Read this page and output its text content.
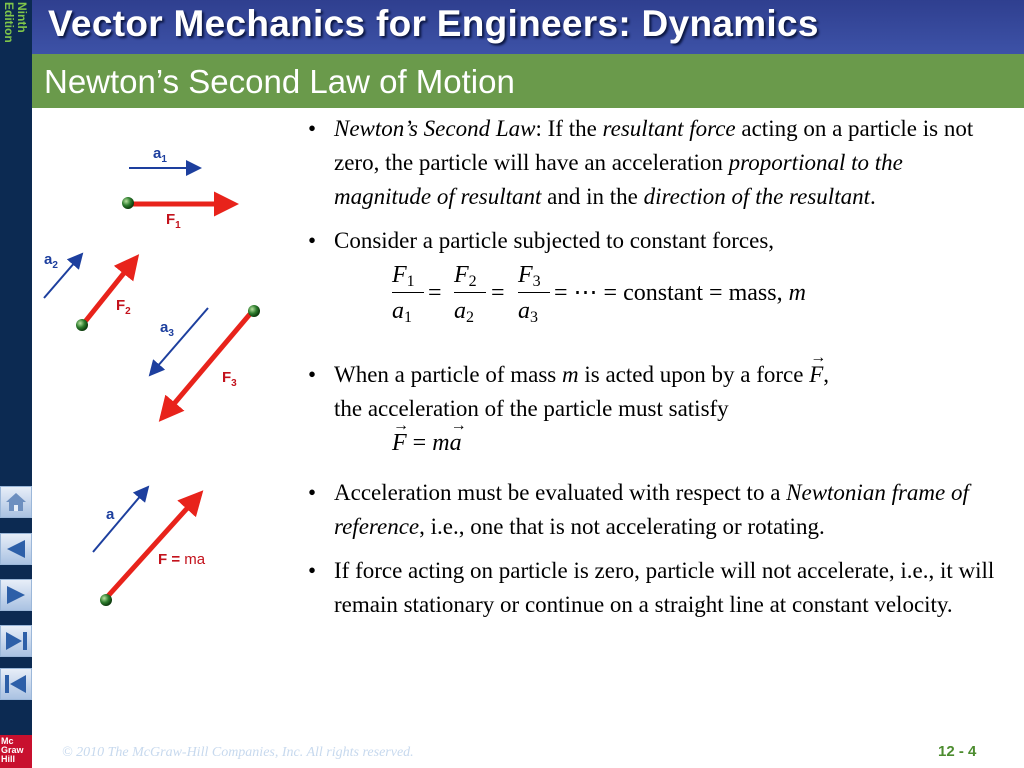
Ninth
Edition
Mc
Graw
Hill
Vector Mechanics for Engineers: Dynamics
Newton’s Second Law of Motion
$a_1$
$F_1$
$a_2$
$F_2$
$a_3$
$F_3$
a
F = ma
• Newton’s Second Law: If the resultant force acting on a particle is not zero, the particle will have an acceleration proportional to the magnitude of resultant and in the direction of the resultant.
• Consider a particle subjected to constant forces,
$F_1$
$a_1$
=
$F_2$
$a_2$
=
$F_3$
$a_3$
= ⋯ = constant = mass, m
• When a particle of mass m is acted upon by a force → F,
the acceleration of the particle must satisfy
→ F = m→ a
• Acceleration must be evaluated with respect to a Newtonian frame of reference, i.e., one that is not accelerating or rotating.
• If force acting on particle is zero, particle will not accelerate, i.e., it will remain stationary or continue on a straight line at constant velocity.
© 2010 The McGraw-Hill Companies, Inc. All rights reserved.	12 - 4
